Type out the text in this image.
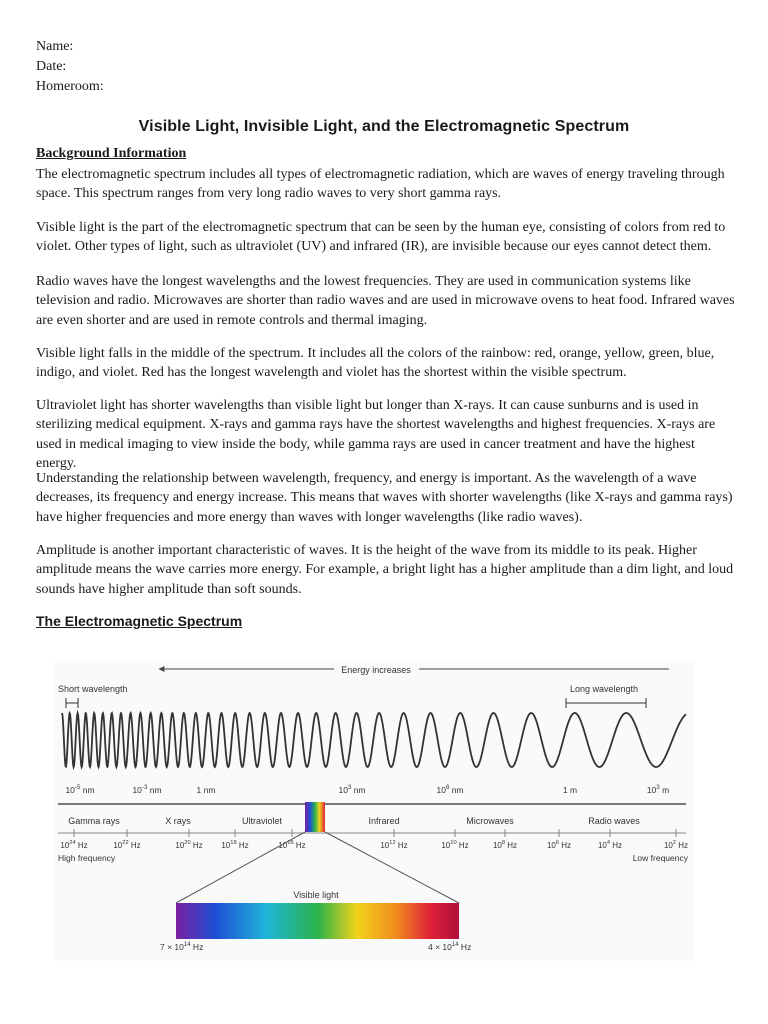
Name:
Date:
Homeroom:
Visible Light, Invisible Light, and the Electromagnetic Spectrum
Background Information

The electromagnetic spectrum includes all types of electromagnetic radiation, which are waves of energy traveling through space. This spectrum ranges from very long radio waves to very short gamma rays.

Visible light is the part of the electromagnetic spectrum that can be seen by the human eye, consisting of colors from red to violet. Other types of light, such as ultraviolet (UV) and infrared (IR), are invisible because our eyes cannot detect them.

Radio waves have the longest wavelengths and the lowest frequencies. They are used in communication systems like television and radio. Microwaves are shorter than radio waves and are used in microwave ovens to heat food. Infrared waves are even shorter and are used in remote controls and thermal imaging.

Visible light falls in the middle of the spectrum. It includes all the colors of the rainbow: red, orange, yellow, green, blue, indigo, and violet. Red has the longest wavelength and violet has the shortest within the visible spectrum.

Ultraviolet light has shorter wavelengths than visible light but longer than X-rays. It can cause sunburns and is used in sterilizing medical equipment. X-rays and gamma rays have the shortest wavelengths and highest frequencies. X-rays are used in medical imaging to view inside the body, while gamma rays are used in cancer treatment and have the highest energy.

Understanding the relationship between wavelength, frequency, and energy is important. As the wavelength of a wave decreases, its frequency and energy increase. This means that waves with shorter wavelengths (like X-rays and gamma rays) have higher frequencies and more energy than waves with longer wavelengths (like radio waves).

Amplitude is another important characteristic of waves. It is the height of the wave from its middle to its peak. Higher amplitude means the wave carries more energy. For example, a bright light has a higher amplitude than a dim light, and loud sounds have higher amplitude than soft sounds.

The Electromagnetic Spectrum
Energy increases
Short wavelength	Long wavelength
$10^{-5}$ nm	$10^{-3}$ nm	1 nm	$10^3$ nm	$10^6$ nm	1 m	$10^3$ m
Gamma rays	X rays	Ultraviolet	Infrared	Microwaves	Radio waves
$10^{24}$ Hz	$10^{22}$ Hz	$10^{20}$ Hz $10^{18}$ Hz	$10^{16}$ Hz	$10^{12}$ Hz	$10^{10}$ Hz	$10^8$ Hz	$10^6$ Hz	$10^4$ Hz	$10^2$ Hz
High frequency	Low frequency
Visible light
$7 \times 10^{14}$ Hz	$4 \times 10^{14}$ Hz
